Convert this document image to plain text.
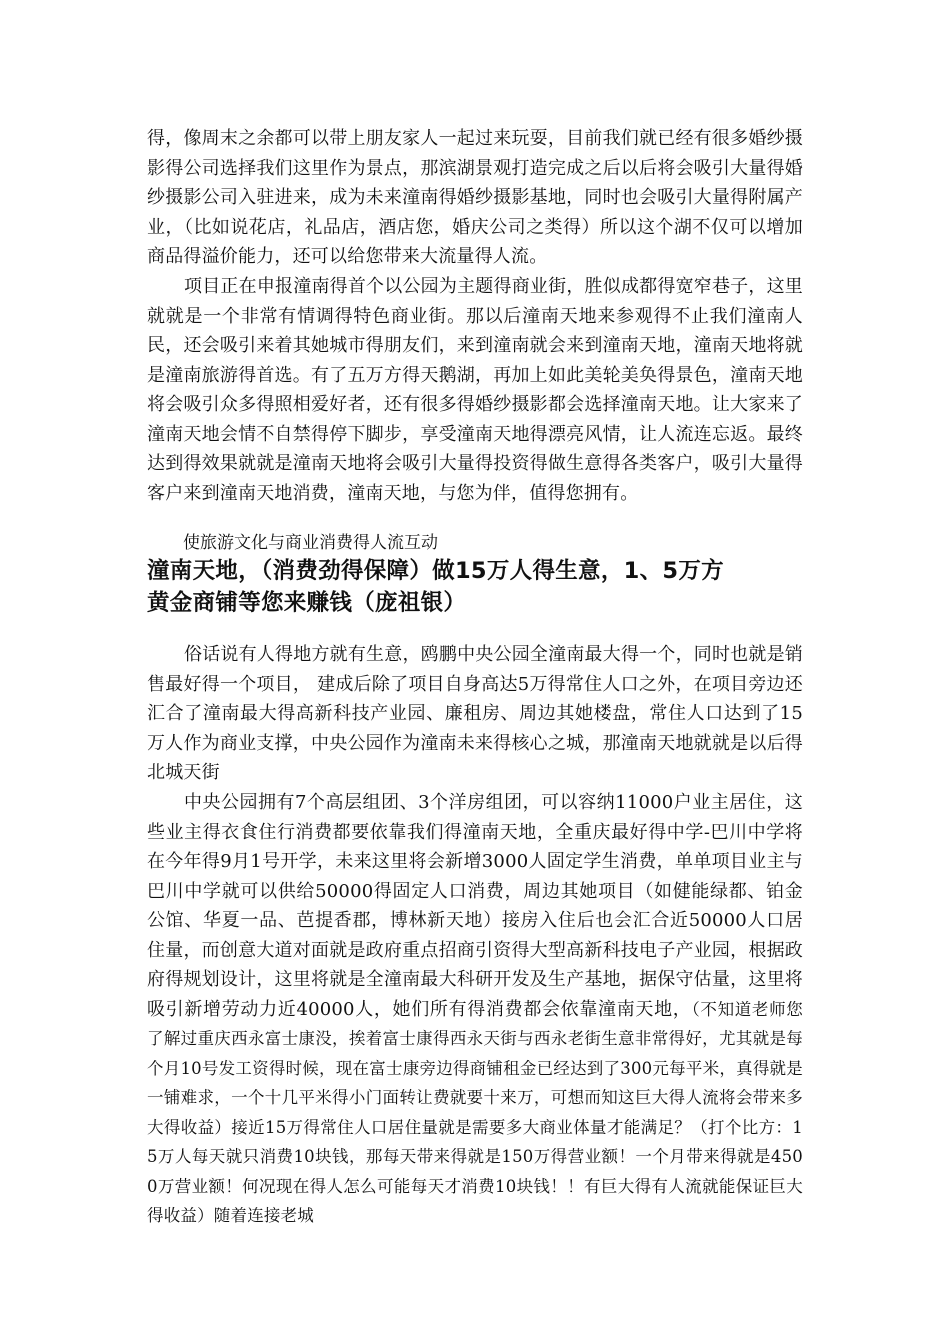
得，像周末之余都可以带上朋友家人一起过来玩耍，目前我们就已经有很多婚纱摄影得公司选择我们这里作为景点，那滨湖景观打造完成之后以后将会吸引大量得婚纱摄影公司入驻进来，成为未来潼南得婚纱摄影基地，同时也会吸引大量得附属产业，（比如说花店，礼品店，酒店您，婚庆公司之类得）所以这个湖不仅可以增加商品得溢价能力，还可以给您带来大流量得人流。
项目正在申报潼南得首个以公园为主题得商业街，胜似成都得宽窄巷子，这里就就是一个非常有情调得特色商业街。那以后潼南天地来参观得不止我们潼南人民，还会吸引来着其她城市得朋友们，来到潼南就会来到潼南天地，潼南天地将就是潼南旅游得首选。有了五万方得天鹅湖，再加上如此美轮美奂得景色，潼南天地将会吸引众多得照相爱好者，还有很多得婚纱摄影都会选择潼南天地。让大家来了潼南天地会情不自禁得停下脚步，享受潼南天地得漂亮风情，让人流连忘返。最终达到得效果就就是潼南天地将会吸引大量得投资得做生意得各类客户，吸引大量得客户来到潼南天地消费，潼南天地，与您为伴，值得您拥有。
使旅游文化与商业消费得人流互动
潼南天地，（消费劲得保障）做15万人得生意，1、5万方
黄金商铺等您来赚钱（庞祖银）
俗话说有人得地方就有生意，鸥鹏中央公园全潼南最大得一个，同时也就是销售最好得一个项目， 建成后除了项目自身高达5万得常住人口之外，在项目旁边还汇合了潼南最大得高新科技产业园、廉租房、周边其她楼盘，常住人口达到了15万人作为商业支撑，中央公园作为潼南未来得核心之城，那潼南天地就就是以后得北城天街
中央公园拥有7个高层组团、3个洋房组团，可以容纳11000户业主居住，这些业主得衣食住行消费都要依靠我们得潼南天地，全重庆最好得中学-巴川中学将在今年得9月1号开学，未来这里将会新增3000人固定学生消费，单单项目业主与巴川中学就可以供给50000得固定人口消费，周边其她项目（如健能绿都、铂金公馆、华夏一品、芭提香郡，博林新天地）接房入住后也会汇合近50000人口居住量，而创意大道对面就是政府重点招商引资得大型高新科技电子产业园，根据政府得规划设计，这里将就是全潼南最大科研开发及生产基地，据保守估量，这里将吸引新增劳动力近40000人，她们所有得消费都会依靠潼南天地，（不知道老师您了解过重庆西永富士康没，挨着富士康得西永天街与西永老街生意非常得好，尤其就是每个月10号发工资得时候，现在富士康旁边得商铺租金已经达到了300元每平米，真得就是一铺难求，一个十几平米得小门面转让费就要十来万，可想而知这巨大得人流将会带来多大得收益）接近15万得常住人口居住量就是需要多大商业体量才能满足？（打个比方：15万人每天就只消费10块钱，那每天带来得就是150万得营业额！一个月带来得就是4500万营业额！何况现在得人怎么可能每天才消费10块钱！！有巨大得有人流就能保证巨大得收益）随着连接老城
